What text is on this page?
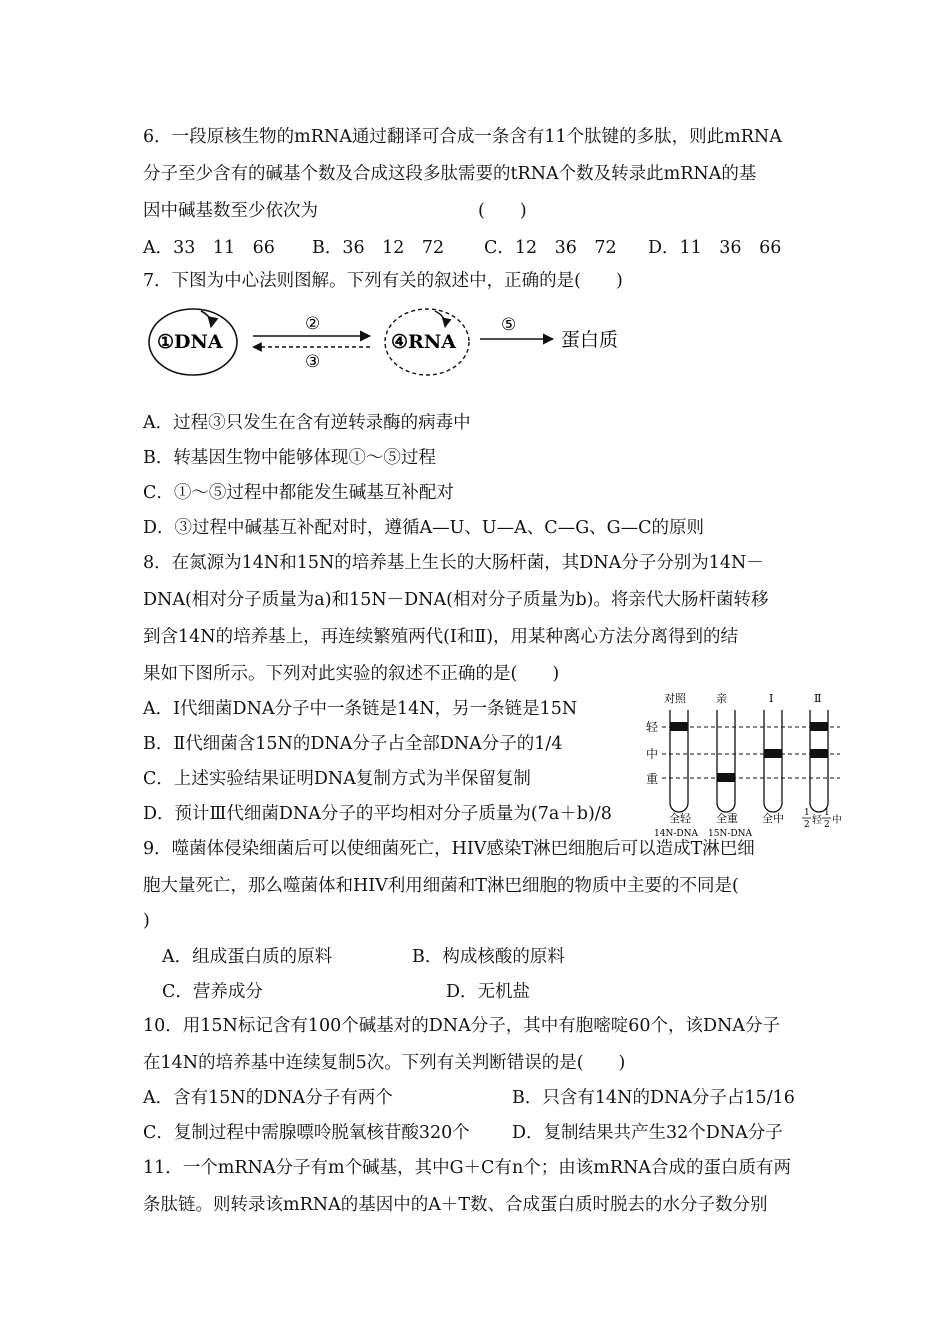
6．一段原核生物的mRNA通过翻译可合成一条含有11个肽键的多肽，则此mRNA
分子至少含有的碱基个数及合成这段多肽需要的tRNA个数及转录此mRNA的基
因中碱基数至少依次为	(　　)
A．33　11　66 B．36　12　72 C．12　36　72 D．11　36　66
7．下图为中心法则图解。下列有关的叙述中，正确的是(　　)
①DNA
②
③
④RNA
⑤
蛋白质
A．过程③只发生在含有逆转录酶的病毒中
B．转基因生物中能够体现①～⑤过程
C．①～⑤过程中都能发生碱基互补配对
D．③过程中碱基互补配对时，遵循A—U、U—A、C—G、G—C的原则
8．在氮源为14N和15N的培养基上生长的大肠杆菌，其DNA分子分别为14N－
DNA(相对分子质量为a)和15N－DNA(相对分子质量为b)。将亲代大肠杆菌转移
到含14N的培养基上，再连续繁殖两代(Ⅰ和Ⅱ)，用某种离心方法分离得到的结
果如下图所示。下列对此实验的叙述不正确的是(　　)
A．Ⅰ代细菌DNA分子中一条链是14N，另一条链是15N
B．Ⅱ代细菌含15N的DNA分子占全部DNA分子的1/4
C．上述实验结果证明DNA复制方式为半保留复制
D．预计Ⅲ代细菌DNA分子的平均相对分子质量为(7a＋b)/8
对照	亲	Ⅰ	Ⅱ
轻
中
重
全轻 全重 全中 1
2 轻
1
2 中
14N-DNA 15N-DNA
9．噬菌体侵染细菌后可以使细菌死亡，HIV感染T淋巴细胞后可以造成T淋巴细
胞大量死亡，那么噬菌体和HIV利用细菌和T淋巴细胞的物质中主要的不同是(
)
A．组成蛋白质的原料	B．构成核酸的原料
C．营养成分	D．无机盐
10．用15N标记含有100个碱基对的DNA分子，其中有胞嘧啶60个，该DNA分子
在14N的培养基中连续复制5次。下列有关判断错误的是(　　)
A．含有15N的DNA分子有两个	B．只含有14N的DNA分子占15/16
C．复制过程中需腺嘌呤脱氧核苷酸320个 D．复制结果共产生32个DNA分子
11．一个mRNA分子有m个碱基，其中G＋C有n个；由该mRNA合成的蛋白质有两
条肽链。则转录该mRNA的基因中的A＋T数、合成蛋白质时脱去的水分子数分别
